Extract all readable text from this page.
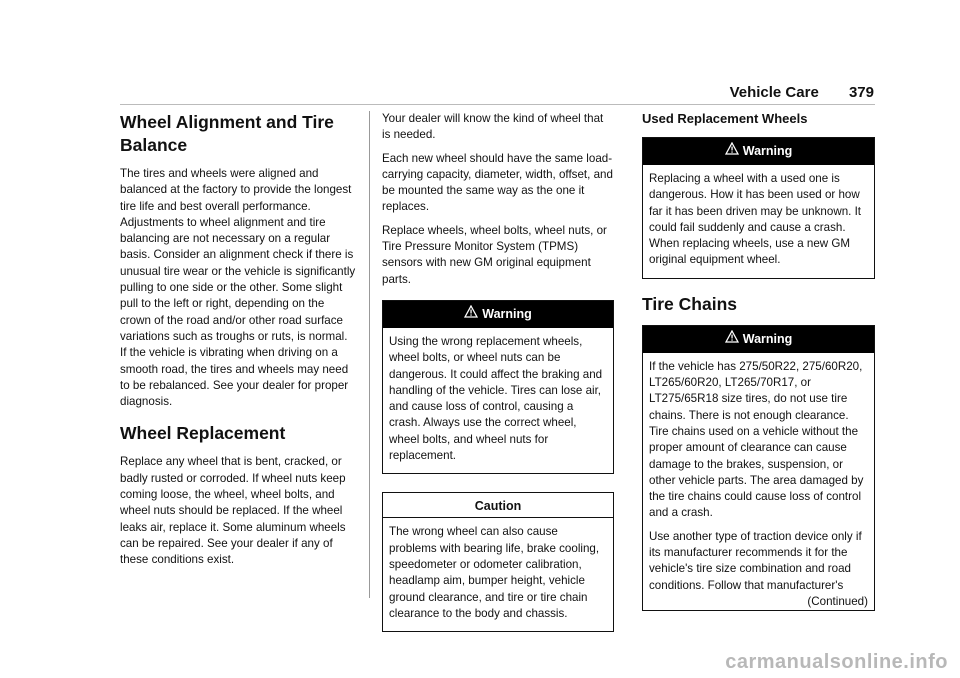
Vehicle Care 379
Wheel Alignment and Tire Balance

The tires and wheels were aligned and balanced at the factory to provide the longest tire life and best overall performance. Adjustments to wheel alignment and tire balancing are not necessary on a regular basis. Consider an alignment check if there is unusual tire wear or the vehicle is significantly pulling to one side or the other. Some slight pull to the left or right, depending on the crown of the road and/or other road surface variations such as troughs or ruts, is normal. If the vehicle is vibrating when driving on a smooth road, the tires and wheels may need to be rebalanced. See your dealer for proper diagnosis.

Wheel Replacement

Replace any wheel that is bent, cracked, or badly rusted or corroded. If wheel nuts keep coming loose, the wheel, wheel bolts, and wheel nuts should be replaced. If the wheel leaks air, replace it. Some aluminum wheels can be repaired. See your dealer if any of these conditions exist.

Your dealer will know the kind of wheel that is needed.

Each new wheel should have the same load-carrying capacity, diameter, width, offset, and be mounted the same way as the one it replaces.

Replace wheels, wheel bolts, wheel nuts, or Tire Pressure Monitor System (TPMS) sensors with new GM original equipment parts.

Warning

Using the wrong replacement wheels, wheel bolts, or wheel nuts can be dangerous. It could affect the braking and handling of the vehicle. Tires can lose air, and cause loss of control, causing a crash. Always use the correct wheel, wheel bolts, and wheel nuts for replacement.

Caution

The wrong wheel can also cause problems with bearing life, brake cooling, speedometer or odometer calibration, headlamp aim, bumper height, vehicle ground clearance, and tire or tire chain clearance to the body and chassis.

Used Replacement Wheels
Warning

Replacing a wheel with a used one is dangerous. How it has been used or how far it has been driven may be unknown. It could fail suddenly and cause a crash. When replacing wheels, use a new GM original equipment wheel.

Tire Chains
Warning

If the vehicle has 275/50R22, 275/60R20, LT265/60R20, LT265/70R17, or LT275/65R18 size tires, do not use tire chains. There is not enough clearance. Tire chains used on a vehicle without the proper amount of clearance can cause damage to the brakes, suspension, or other vehicle parts. The area damaged by the tire chains could cause loss of control and a crash.

Use another type of traction device only if its manufacturer recommends it for the vehicle's tire size combination and road conditions. Follow that manufacturer's

(Continued)
carmanualsonline.info
